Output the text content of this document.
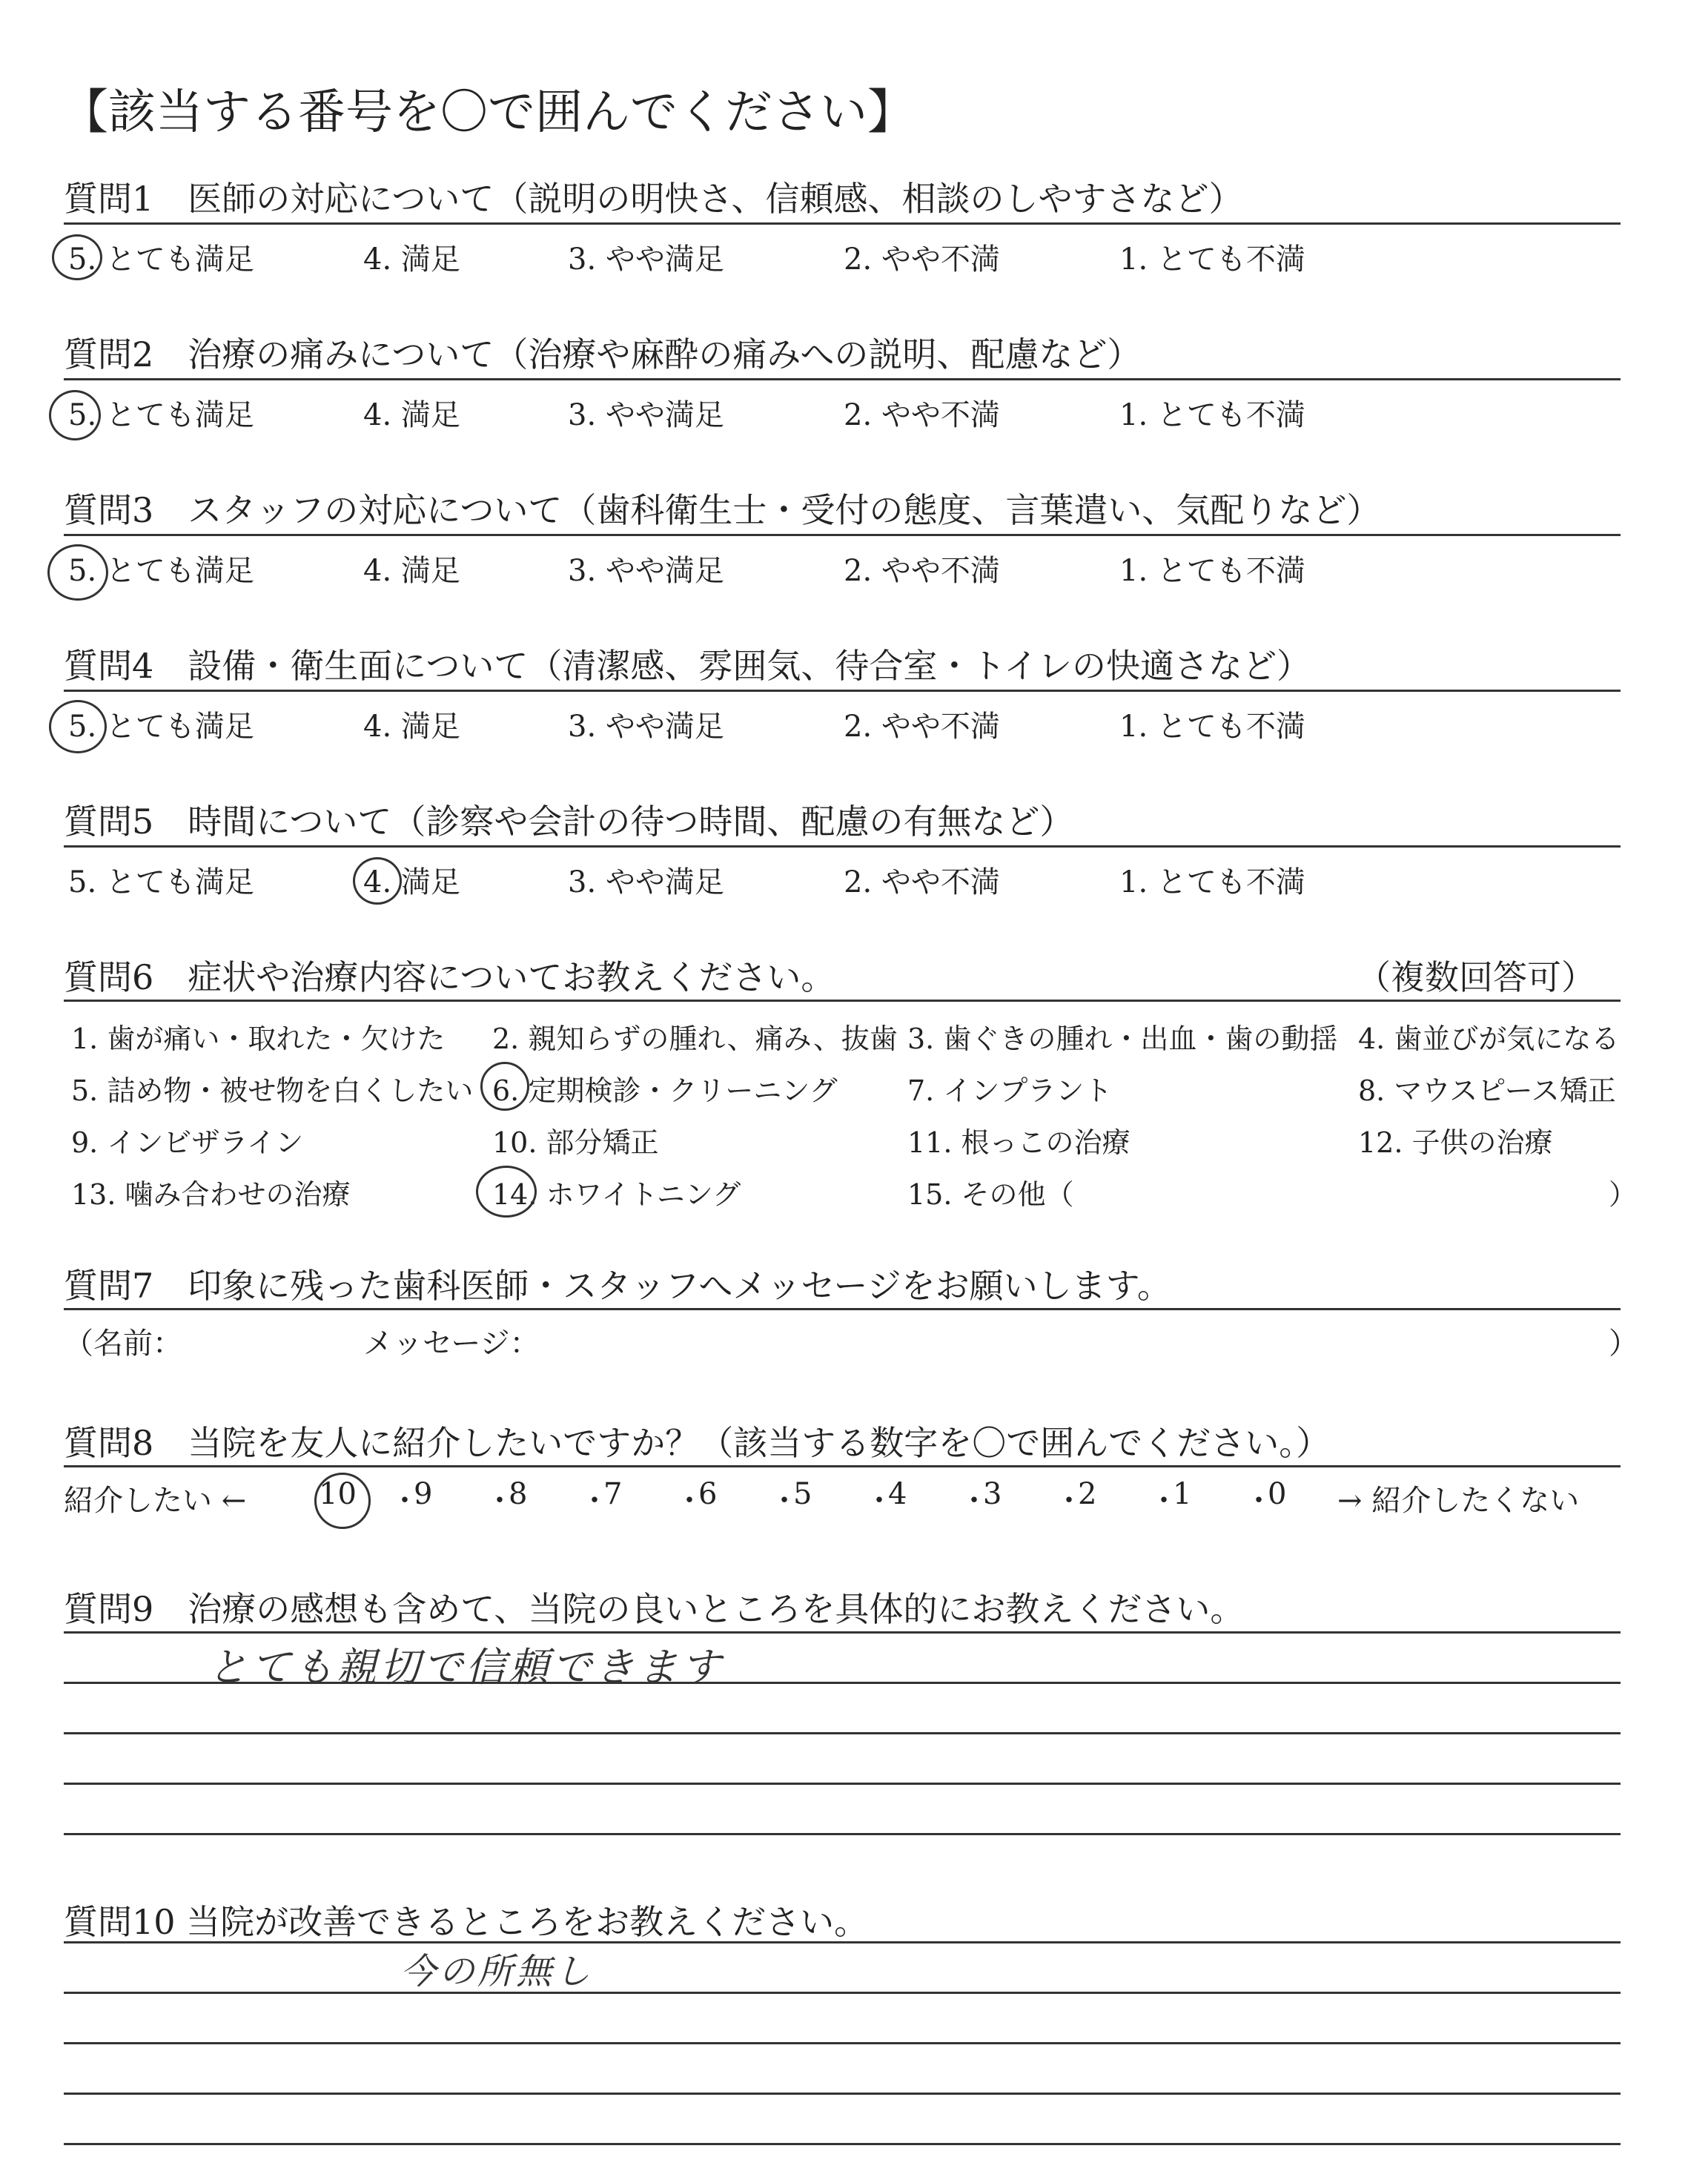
【該当する番号を〇で囲んでください】
質問1　医師の対応について（説明の明快さ、信頼感、相談のしやすさなど）
5. とても満足	4. 満足	3. やや満足	2. やや不満	1. とても不満
質問2　治療の痛みについて（治療や麻酔の痛みへの説明、配慮など）
5. とても満足	4. 満足	3. やや満足	2. やや不満	1. とても不満
質問3　スタッフの対応について（歯科衛生士・受付の態度、言葉遣い、気配りなど）
5. とても満足	4. 満足	3. やや満足	2. やや不満	1. とても不満
質問4　設備・衛生面について（清潔感、雰囲気、待合室・トイレの快適さなど）
5. とても満足	4. 満足	3. やや満足	2. やや不満	1. とても不満
質問5　時間について（診察や会計の待つ時間、配慮の有無など）
5. とても満足	4. 満足	3. やや満足	2. やや不満	1. とても不満
質問6　症状や治療内容についてお教えください。	（複数回答可）
1. 歯が痛い・取れた・欠けた 2. 親知らずの腫れ、痛み、抜歯 3. 歯ぐきの腫れ・出血・歯の動揺 4. 歯並びが気になる
5. 詰め物・被せ物を白くしたい 6. 定期検診・クリーニング 7. インプラント	8. マウスピース矯正
9. インビザライン	10. 部分矯正	11. 根っこの治療	12. 子供の治療
13. 噛み合わせの治療	14. ホワイトニング	15. その他（	）
質問7　印象に残った歯科医師・スタッフへメッセージをお願いします。
（名前：	メッセージ：	）
質問8　当院を友人に紹介したいですか？（該当する数字を〇で囲んでください。）
紹介したい ← 10 ・
9 ・
8 ・
7 ・
6 ・
5 ・
4 ・
3 ・
2 ・
1 ・
0 → 紹介したくない
質問9　治療の感想も含めて、当院の良いところを具体的にお教えください。
とても親切で信頼できます
質問10 当院が改善できるところをお教えください。
今の所無し
